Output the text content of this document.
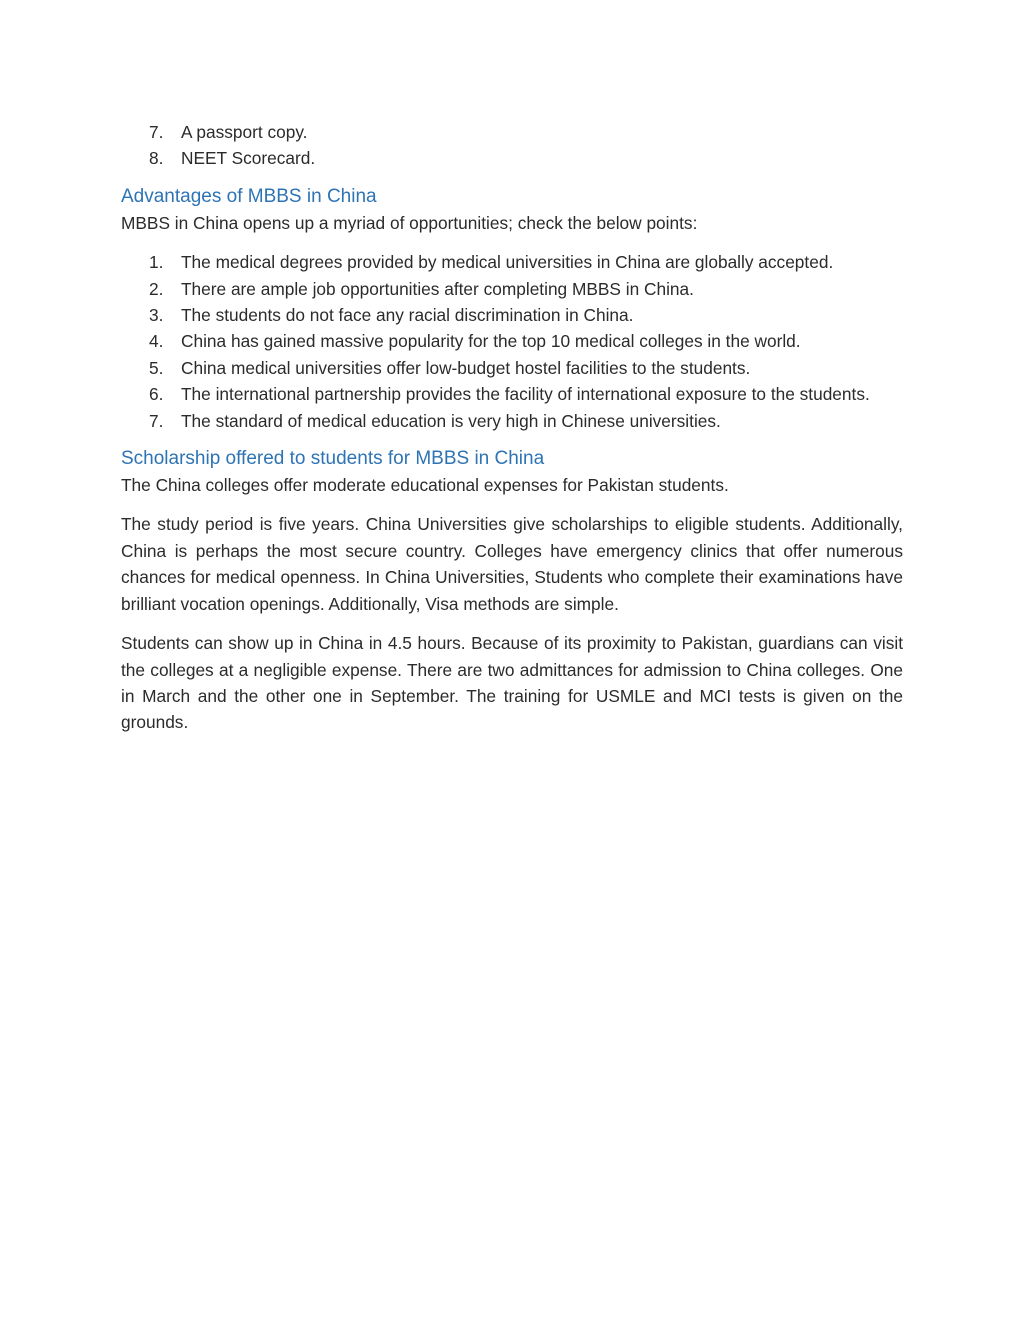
7. A passport copy.
8. NEET Scorecard.
Advantages of MBBS in China

MBBS in China opens up a myriad of opportunities; check the below points:

1. The medical degrees provided by medical universities in China are globally accepted.
2. There are ample job opportunities after completing MBBS in China.
3. The students do not face any racial discrimination in China.
4. China has gained massive popularity for the top 10 medical colleges in the world.
5. China medical universities offer low-budget hostel facilities to the students.
6. The international partnership provides the facility of international exposure to the students.
7. The standard of medical education is very high in Chinese universities.
Scholarship offered to students for MBBS in China

The China colleges offer moderate educational expenses for Pakistan students.

The study period is five years. China Universities give scholarships to eligible students. Additionally, China is perhaps the most secure country. Colleges have emergency clinics that offer numerous chances for medical openness. In China Universities, Students who complete their examinations have brilliant vocation openings. Additionally, Visa methods are simple.

Students can show up in China in 4.5 hours. Because of its proximity to Pakistan, guardians can visit the colleges at a negligible expense. There are two admittances for admission to China colleges. One in March and the other one in September. The training for USMLE and MCI tests is given on the grounds.
